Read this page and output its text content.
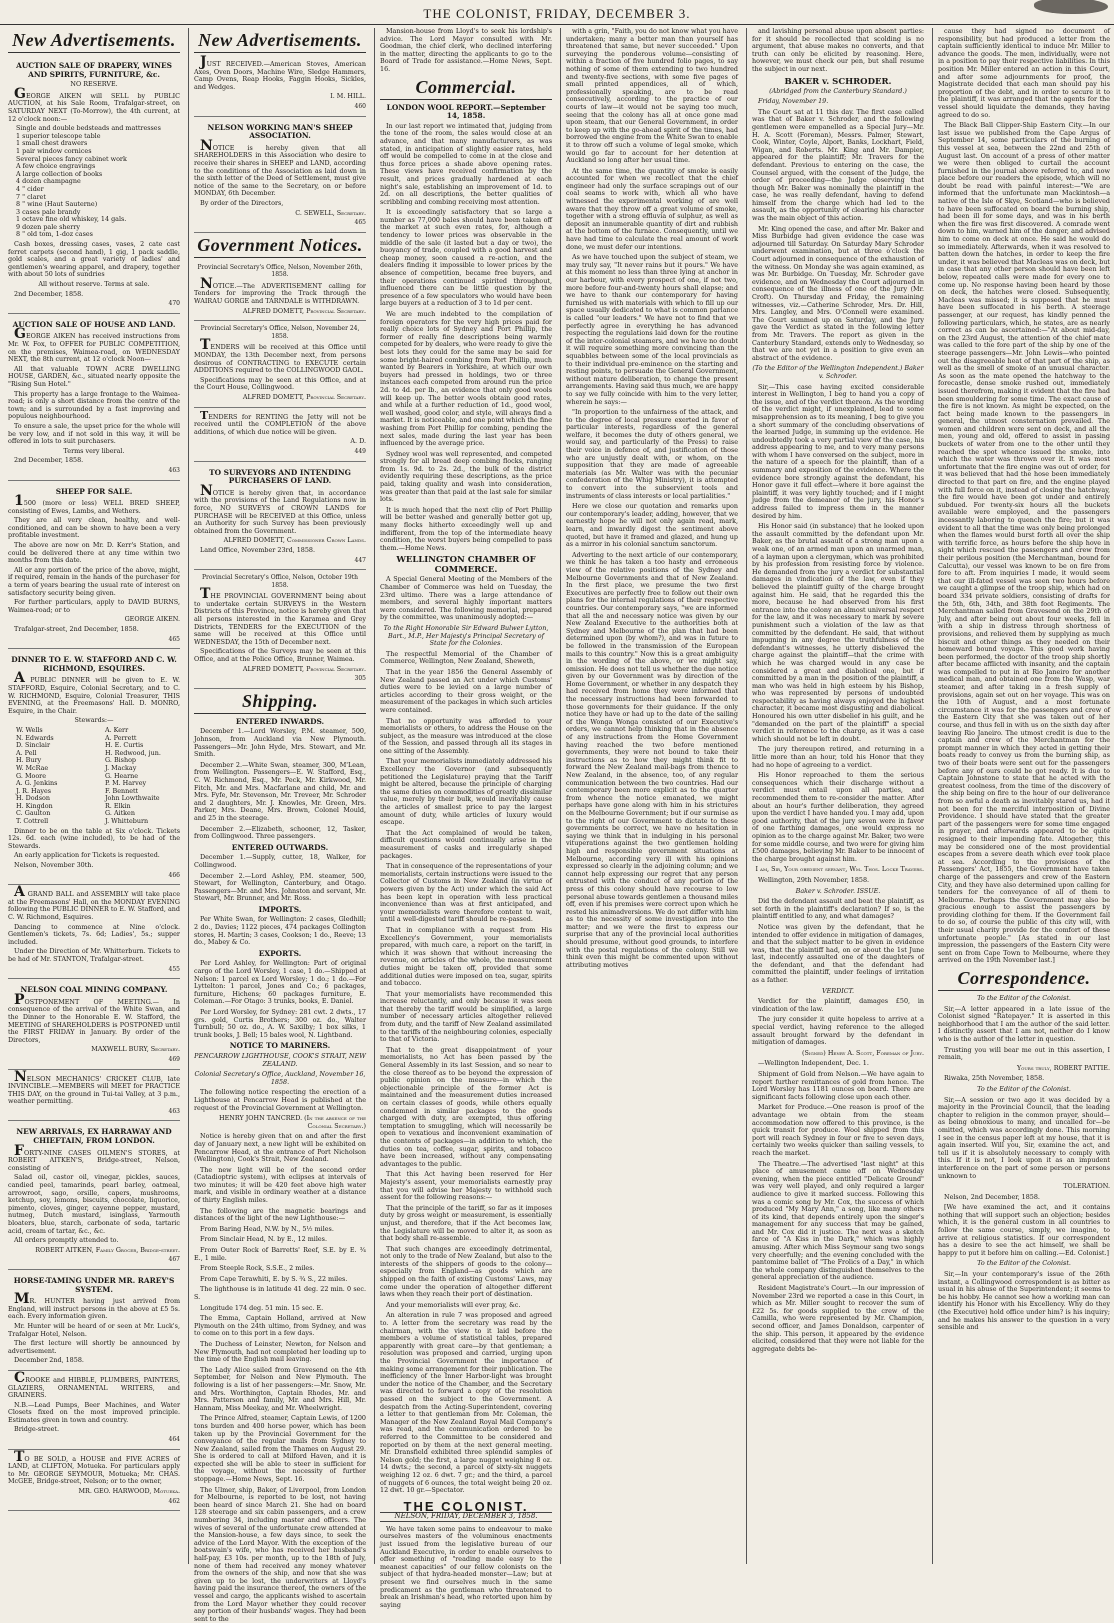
THE COLONIST, FRIDAY, DECEMBER 3.
New Advertisements.
AUCTION SALE OF DRAPERY, WINES AND SPIRITS, FURNITURE, &c.

NO RESERVE.

GEORGE AIKEN will SELL by PUBLIC AUCTION, at his Sale Room, Trafalgar-street, on SATURDAY NEXT (To-Morrow), the 4th current, at 12 o'clock noon:—

Single and double bedsteads and mattresses
1 superior telescope table
1 small chest drawers
1 pair window cornices
Several pieces fancy cabinet work
A few choice engravings
A large collection of books
4 dozen champagne
4 " cider
7 " claret
8 " wine (Haut Sauterne)
3 cases pale brandy
1 octave fine old whiskey, 14 gals.
9 dozen pale sherry
8 " old tom, 1-doz cases

Cash boxes, dressing cases, vases, 2 cate cast ferret carpets (second hand), 1 gig, 1 pack saddle, gold scales, and a great variety of ladies' and gentlemen's wearing apparel, and drapery, together with about 50 lots of sundries

All without reserve. Terms at sale.

2nd December, 1858.

470

AUCTION SALE OF HOUSE AND LAND.

GEORGE AIKEN has received instructions from Mr. W. Fox, to OFFER for PUBLIC COMPETITION, on the premises, Waimea-road, on WEDNESDAY NEXT, the 8th current, at 12 o'clock Noon—

All that valuable TOWN ACRE DWELLING HOUSE, GARDEN, &c., situated nearly opposite the "Rising Sun Hotel."

This property has a large frontage to the Waimea-road; is only a short distance from the centre of the town; and is surrounded by a fast improving and populous neighbourhood.

To ensure a sale, the upset price for the whole will be very low, and if not sold in this way, it will be offered in lots to suit purchasers.

Terms very liberal.

2nd December, 1858.

463

SHEEP FOR SALE.

1500 (more or less) WELL BRED SHEEP, consisting of Ewes, Lambs, and Wethers.

They are all very clean, healthy, and well-conditioned, and can be shown to have been a very profitable investment.

The above are now on Mr. D. Kerr's Station, and could be delivered there at any time within two months from this date.

All or any portion of the price of the above, might, if required, remain in the hands of the purchaser for a term of years bearing the usual rate of interest on satisfactory security being given.

For further particulars, apply to DAVID BURNS, Waimea-road; or to

GEORGE AIKEN.

Trafalgar-street, 2nd December, 1858.

465

DINNER TO E. W. STAFFORD AND C. W. RICHMOND, ESQUIRES.

A PUBLIC DINNER will be given to E. W. STAFFORD, Esquire, Colonial Secretary, and to C. W. RICHMOND, Esquire, Colonial Treasurer, THIS EVENING, at the Freemasons' Hall. D. MONRO, Esquire, in the Chair.

Stewards:—

W. Wells
N. Edwards
D. Sinclair
A. Pell
H. Bury
W. McRae
G. Moore
A. G. Jenkins
J. R. Hayes
H. Dodson
H. Kingdon
C. Gaulton
T. Cottrell
A. Kerr
A. Perrett
H. E. Curtis
H. Redwood, jun.
G. Bishop
J. Mackay
G. Hearne
P. M. Harvey
F. Bennett
John Lowthwaite
R. Elkin
G. Aitken
J. Whitteburn

Dinner to be on the table at Six o'clock. Tickets 12s. 6d. each (wine included), to be had of the Stewards.

An early application for Tickets is requested.

Nelson, November 30th.

466

A GRAND BALL and ASSEMBLY will take place at the Freemasons' Hall, on the MONDAY EVENING following the PUBLIC DINNER to E. W. Stafford, and C. W. Richmond, Esquires.

Dancing to commence at Nine o'clock. Gentlemen's tickets, 7s. 6d; Ladies', 5s.; supper included.

Under the Direction of Mr. Whitterburn. Tickets to be had of Mr. STANTON, Trafalgar-street.

455

NELSON COAL MINING COMPANY.

POSTPONEMENT OF MEETING.— In consequence of the arrival of the White Swan, and the Dinner to the Honorable E. W. Stafford, the MEETING of SHAREHOLDERS is POSTPONED until the FIRST FRIDAY in January. By order of the Directors,

MAXWELL BURY, Secretary.

469

NELSON MECHANICS' CRICKET CLUB, late INVINCIBLE.—MEMBERS will MEET for PRACTICE THIS DAY, on the ground in Tui-tai Valley, at 3 p.m., weather permitting.

463

NEW ARRIVALS, EX HARRAWAY AND CHIEFTAIN, FROM LONDON.

FORTY-NINE CASES OILMEN'S STORES, at ROBERT AITKEN'S, Bridge-street, Nelson, consisting of

Salad oil, castor oil, vinegar, pickles, sauces, candied peel, tamarinds, pearl barley, oatmeal, arrowroot, sago, orsille, capers, mushrooms, ketchup, soy, lemons, biscuits, chocolate, liquorice, pimento, cloves, ginger, cayenne pepper, mustard, nutmeg, Dutch mustard, isinglass, Yarmouth bloaters, blue, starch, carbonate of soda, tartaric acid, cream of tartar, &c., &c.

All orders promptly attended to.

ROBERT AITKEN, Family Grocer, Bridge-street.

467

HORSE-TAMING UNDER MR. RAREY'S SYSTEM.

MR. HUNTER having just arrived from England, will instruct persons in the above at £5 5s. each. Every information given.

Mr. Hunter will be heard of or seen at Mr. Luck's, Trafalgar Hotel, Nelson.

The first lecture will shortly be announced by advertisement.

December 2nd, 1858.

CROOKE and HIBBLE, PLUMBERS, PAINTERS, GLAZIERS, ORNAMENTAL WRITERS, and GRAINERS.

N.B.—Lead Pumps, Beer Machines, and Water Closets fixed on the most improved principle. Estimates given in town and country.

Bridge-street.

464

TO BE SOLD, a HOUSE and FIVE ACRES of LAND, at CLIFTON, Motueka. For particulars apply to Mr. GEORGE SEYMOUR, Motueka; Mr. CHAS. McGEE, Bridge-street, Nelson; or to the owner,

MR. GEO. HARWOOD, Motueka.

462

New Advertisements.

JUST RECEIVED.—American Stoves, American Axes, Oven Doors, Machine Wire, Sledge Hammers, Camp Ovens, Reap Hooks, Faggin Hooks, Sickles, and Wedges.

I. M. HILL.

460

NELSON WORKING MAN'S SHEEP ASSOCIATION.

NOTICE is hereby given that all SHAREHOLDERS in this Association who desire to receive their shares in SHEEP and LAND, according to the conditions of the Association as laid down in the sixth letter of the Deed of Settlement, must give notice of the same to the Secretary, on or before MONDAY, 6th December.

By order of the Directors,

C. SEWELL, Secretary.

465

Government Notices.

Provincial Secretary's Office, Nelson, November 26th, 1858.

NOTICE.—The ADVERTISEMENT calling for Tenders for improving the Track through the WAIRAU GORGE and TARNDALE is WITHDRAWN.

ALFRED DOMETT, Provincial Secretary.

Provincial Secretary's Office, Nelson, November 24, 1858.

TENDERS will be received at this Office until MONDAY, the 13th December next, from persons desirous of CONTRACTING to EXECUTE certain ADDITIONS required to the COLLINGWOOD GAOL.

Specifications may be seen at this Office, and at the Court House, Collingwood.

ALFRED DOMETT, Provincial Secretary.

TENDERS for RENTING the Jetty will not be received until the COMPLETION of the above additions, of which due notice will be given.

A. D.

449

TO SURVEYORS AND INTENDING PURCHASERS OF LAND.

NOTICE is hereby given that, in accordance with the provisions of the Land Regulations now in force, NO SURVEYS of CROWN LANDS for PURCHASE will be RECEIVED at this Office, unless an Authority for such Survey has been previously obtained from the Government.

ALFRED DOMETT, Commissioner Crown Lands.

Land Office, November 23rd, 1858.

447

Provincial Secretary's Office, Nelson, October 19th 1858.

THE PROVINCIAL GOVERNMENT being about to undertake certain SURVEYS in the Western Districts of this Province, notice is hereby given that all persons interested in the Karamea and Grey Districts, TENDERS for the EXECUTION of the same will be received at this Office until WEDNESDAY, the 15th of December next.

Specifications of the Surveys may be seen at this Office, and at the Police Office, Brunner, Waimea.

ALFRED DOMETT, Provincial Secretary.

305

Shipping.
ENTERED INWARDS.

December 1.—Lord Worsley, P.M. steamer, 500, Johnson, from Auckland via New Plymouth. Passengers—Mr. John Hyde, Mrs. Stewart, and Mr. Smith.

December 2.—White Swan, steamer, 300, M'Lean, from Wellington. Passengers—E. W. Stafford, Esq., C. W. Richmond, Esq., Mr. Peck, Mr. Kirkwood, Mr. Fitch, Mr. and Mrs. Macfarlane and child, Mr. and Mrs. Fyfe, Mr. Stevenson, Mr. Treveer, Mr. Schroder and 2 daughters, Mr. J. Knowles, Mr. Green, Mrs. Parker, Mrs. Deane, Mrs. Brown, Colonel Mould, and 25 in the steerage.

December 2.—Elizabeth, schooner, 12, Tasker, from Collingwood. Three passengers.

ENTERED OUTWARDS.

December 1.—Supply, cutter, 18, Walker, for Collingwood.

December 2.—Lord Ashley, P.M. steamer, 500, Stewart, for Wellington, Canterbury, and Otago. Passengers—Mr. and Mrs. Johnston and servant, Mr. Stewart, Mr. Brunner, and Mr. Ross.

IMPORTS.

Per White Swan, for Wellington: 2 cases, Gledhill; 2 do., Davies; 1122 pieces, 474 packages Collington stores, H. Martin; 3 cases, Cookson; 1 do., Reeve; 13 do., Mabey & Co.

EXPORTS.

Per Lord Ashley, for Wellington: Part of original cargo of the Lord Worsley, 1 case, 1 do.—Shipped at Nelson: 1 parcel ex Lord Worsley; 1 do.; 1 do.—For Lyttelton: 1 parcel, Jones and Co.; 6 packages, furniture, Hichens; 60 packages furniture, E. Coleman.—For Otago: 3 trunks, books, E. Daniel.

Per Lord Worsley, for Sydney: 281 cwt. 2 dwts., 17 grs. gold, Curtis Brothers; 300 oz. do., Walter Turnbull; 50 oz. do., A. W. Saxilby; 1 box silks, 1 trunk books, J. Bell; 15 bales wool, N. Lightband.

NOTICE TO MARINERS.

PENCARROW LIGHTHOUSE, COOK'S STRAIT, NEW ZEALAND.

Colonial Secretary's Office, Auckland, November 16, 1858.

The following notice respecting the erection of a Lighthouse at Pencarrow Head is published at the request of the Provincial Government at Wellington.

HENRY JOHN TANCRED. (In the absence of the Colonial Secretary.)

Notice is hereby given that on and after the first day of January next, a new light will be exhibited on Pencarrow Head, at the entrance of Port Nicholson (Wellington), Cook's Strait, New Zealand.

The new light will be of the second order (Catadioptric system), with eclipses at intervals of two minutes; it will be 420 feet above high water mark, and visible in ordinary weather at a distance of thirty English miles.

The following are the magnetic bearings and distances of the light of the new Lighthouse:—

From Baring Head, N.W. by N., 5½ miles.

From Sinclair Head, N. by E., 12 miles.

From Outer Rock of Barretts' Reef, S.E. by E. ¾ E., 1 mile.

From Steeple Rock, S.S.E., 2 miles.

From Cape Terawhiti, E. by S. ¾ S., 22 miles.

The lighthouse is in latitude 41 deg. 22 min. 0 sec. S.

Longitude 174 deg. 51 min. 15 sec. E.

The Emma, Captain Holland, arrived at New Plymouth on the 24th ultimo, from Sydney, and was to come on to this port in a few days.

The Duchess of Leinster, Newton, for Nelson and New Plymouth, had not completed her loading up to the time of the English mail leaving.

The Lady Alice sailed from Gravesend on the 4th September, for Nelson and New Plymouth. The following is a list of her passengers:—Mr. Snow, Mr. and Mrs. Worthington, Captain Rhodes, Mr. and Mrs. Patterson and family, Mr. and Mrs. Hill, Mr. Hannam, Miss Meekay, and Mr. Wheelwright.

The Prince Alfred, steamer, Captain Lewis, of 1200 tons burden and 400 horse power, which has been taken up by the Provincial Government for the conveyance of the regular mails from Sydney to New Zealand, sailed from the Thames on August 29. She is ordered to call at Milford Haven, and it is expected she will be able to steer in sufficient for the voyage, without the necessity of further stoppage.—Home News, Sept. 16.

The Ulmer, ship, Baker, of Liverpool, from London for Melbourne, is reported to be lost, not having been heard of since March 21. She had on board 128 steerage and six cabin passengers, and a crew numbering 34, including master and officers. The wives of several of the unfortunate crew attended at the Mansion-house, a few days since, to seek the advice of the Lord Mayor. With the exception of the boatswain's wife, who has received her husband's half-pay, £3 10s. per month, up to the 18th of July, none of them had received any money whatever from the owners of the ship, and now that she was given up to be lost, the underwriters at Lloyd's having paid the insurance thereof, the owners of the vessel and cargo, the applicants wished to ascertain from the Lord Mayor whether they could recover any portion of their husbands' wages. They had been sent to the

Mansion-house from Lloyd's to seek his lordship's advice. The Lord Mayor consulted with Mr. Goodman, the chief clerk, who declined interfering in the matter, directing the applicants to go to the Board of Trade for assistance.—Home News, Sept. 16.

Commercial.
LONDON WOOL REPORT.—September 14, 1858.

In our last report we intimated that, judging from the tone of the room, the sales would close at an advance, and that many manufacturers, as was stated, in anticipation of slightly easier rates, held off would be compelled to come in at the close and thus force prices a shade above opening rates. These views have received confirmation by the result, and prices gradually hardened at each night's sale, establishing an improvement of 1d. to 2d. on all descriptions, the better qualities of scribbling and combing receiving most attention.

It is exceedingly satisfactory that so large a number as 77,000 bales should have been taken off the market at such even rates, for, although a tendency to lower prices was observable in the middle of the sale (it lasted but a day or two), the buoyancy of trade, coupled with a good harvest and cheap money, soon caused a re-action, and the dealers finding it impossible to lower prices by the absence of competition, became free buyers, and their operations continued spirited throughout, influenced there can be little question by the presence of a few speculators who would have been large buyers at a reduction of 3 to 1d per cent.

We are much indebted to the compilation of foreign operators for the very high prices paid for really choice lots of Sydney and Port Phillip, the former of really fine descriptions being warmly competed for by dealers, who were ready to give the best lots they could for the same may be said for some bright-haired combing from Port Phillip, much wanted by Bearers in Yorkshire, at which our own buyers had pressed in holdings, two or three instances each competed from around run the price 2d. to 4d. per lb., an evidence that only good wools will keep up. The better wools obtain good rates, and while at a further reduction of 1d., good wool, well washed, good color, and style, will always find a market. It is noticeable, and one point which the fine washing from Port Phillip for combing, pending the next sales, made during the last year has been influenced by the average price.

Sydney wool was well represented, and competed strongly for all bread deep combing flocks, ranging from 1s. 9d. to 2s. 2d., the bulk of the district evidently requiring these descriptions, as the price paid, taking quality and wash into consideration, was greater than that paid at the last sale for similar lots.

It is much hoped that the next clip of Port Phillip will be better washed and generally better got up, many flocks hitherto exceedingly well up and indifferent, from the top of the intermediate heavy condition, the worst buyers being compelled to pass them.—Home News.

WELLINGTON CHAMBER OF COMMERCE.

A Special General Meeting of the Members of the Chamber of Commerce was held on Tuesday, the 23rd ultimo. There was a large attendance of members, and several highly important matters were considered. The following memorial, prepared by the committee, was unanimously adopted:—

To the Right Honorable Sir Edward Bulwer Lytton, Bart., M.P., Her Majesty's Principal Secretary of State for the Colonies.

The respectful Memorial of the Chamber of Commerce, Wellington, New Zealand, Sheweth,

That in the year 1856 the General Assembly of New Zealand passed an Act under which Customs' duties were to be levied on a large number of articles according to their gross weight, or the measurement of the packages in which such articles were contained.

That no opportunity was afforded to your memorialists or others, to address the House on the subject, as the measure was introduced at the close of the Session, and passed through all its stages in one sitting of the Assembly.

That your memorialists immediately addressed his Excellency the Governor (and subsequently petitioned the Legislature) praying that the Tariff might be altered, because the principle of charging the same duties on commodities of greatly dissimilar value, merely by their bulk, would inevitably cause the articles of smallest price to pay the largest amount of duty, while articles of luxury would escape.

That the Act complained of would be taken, difficult questions would continually arise in the measurement of casks and irregularly shaped packages.

That in consequence of the representations of your memorialists, certain instructions were issued to the Collector of Customs in New Zealand (in virtue of powers given by the Act) under which the said Act has been kept in operation with less practical inconvenience than was at first anticipated, and your memorialists were therefore content to wait, until a well-digested tariff should be re-passed.

That in compliance with a request from His Excellency's Government, your memorialists prepared, with much care, a report on the tariff, in which it was shown that without increasing the revenue, on articles of the whole, the measurement duties might be taken off, provided that some additional duties were imposed on tea, sugar, spirits and tobacco.

That your memorialists have recommended this increase reluctantly, and only because it was seen that thereby the tariff would be simplified, a large number of necessary articles altogether relieved from duty, and the tariff of New Zealand assimilated to the tariffs of the neighbouring colonies, especially to that of Victoria.

That to the great disappointment of your memorialists, no Act has been passed by the General Assembly in its last Session, and so near to the close thereof as to be beyond the expression of public opinion on the measure—in which the objectionable principle of the former Act is maintained and the measurement duties increased on certain classes of goods, while others equally condemned in similar packages to the goods charged with duty, are exempted, thus offering temptation to smuggling, which will necessarily be open to vexatious and inconvenient examination of the contents of packages—in addition to which, the duties on tea, coffee, sugar, spirits, and tobacco have been increased, without any compensating advantages to the public.

That this Act having been reserved for Her Majesty's assent, your memorialists earnestly pray that you will advise her Majesty to withhold such assent for the following reasons:—

That the principle of the tariff, so far as it imposes duty by gross weight or measurement, is essentially unjust, and therefore, that if the Act becomes law, the Legislature will be moved to alter it, as soon as that body shall re-assemble.

That such changes are exceedingly detrimental, not only to the trade of New Zealand, but also to the interests of the shippers of goods to the colony—especially from England—as goods which are shipped on the faith of existing Customs' Laws, may come under the operation of altogether different laws when they reach their port of destination.

And your memorialists will ever pray, &c.

An alteration in rule 7 was proposed and agreed to. A letter from the secretary was read by the chairman, with the view to it laid before the members a volume of statistical tables, prepared apparently with great care—by that gentleman; a resolution was proposed and carried, urging upon the Provincial Government the importance of making some arrangement for their publication. The inefficiency of the Inner Harbor-light was brought under the notice of the Chamber, and the Secretary was directed to forward a copy of the resolution passed on the subject to the Government. A despatch from the Acting-Superintendent, covering a letter to that gentleman from Mr. Coleman, the Manager of the New Zealand Royal Mail Company's was read, and the communication ordered to be referred to the Committee to be considered and reported on by them at the next general meeting. Mr. Dransfield exhibited three splendid samples of Nelson gold; the first, a large nugget weighing 8 oz. 14 dwts.; the second, a parcel of sixty-six nuggets weighing 12 oz. 6 dwt. 7 gr.; and the third, a parcel of nuggets of 6 ounces, the total weight being 20 oz. 12 dwt. 10 gr.—Spectator.

THE COLONIST.
NELSON, FRIDAY, DECEMBER 3, 1858.

We have taken some pains to endeavour to make ourselves masters of the voluminous enactments just issued from the legislative bureau of our Auckland Executive, in order to enable ourselves to offer something of "reading made easy to the meanest capacities" of our fellow colonists on the subject of that hydra-headed monster—Law; but at present we find ourselves much in the same predicament as the gentleman who threatened to break an Irishman's head, who retorted upon him by saying

with a grin, "Faith, you do not know what you have undertaken; many a better man than yourself has threatened that same, but never succeeded." Upon surveying the ponderous volume—consisting of within a fraction of five hundred folio pages, to say nothing of some of them extending to two hundred and twenty-five sections, with some five pages of small printed appendices, all of which, professionally speaking, are to be read consecutively, according to the practice of our courts of law—it would not be saying too much, seeing that the colony has all at once gone mad upon steam, that our General Government, in order to keep up with the go-ahead spirit of the times, had borrowed the engine from the White Swan to enable it to throw off such a volume of legal smoke, which would go far to account for her detention at Auckland so long after her usual time.

At the same time, the quantity of smoke is easily accounted for when we recollect that the chief engineer had only the surface scrapings out of our coal seams to work with, which all who have witnessed the experimental working of are well aware that they throw off a great volume of smoke, together with a strong effluvia of sulphur, as well as deposit an innumerable quantity of dirt and rubbish at the bottom of the furnace. Consequently, until we have had time to calculate the real amount of work done, we must defer our intentions.

As we have touched upon the subject of steam, we may truly say, "It never rains but it pours." We have at this moment no less than three lying at anchor in our harbour, with every prospect of one, if not two, more before four-and-twenty hours shall elapse; and we have to thank our contemporary for having furnished us with materials with which to fill up our space usually dedicated to what is common parlance is called "our leaders." We have not to find that we perfectly agree in everything he has advanced respecting the regulations laid down for the routine of the inter-colonial steamers, and we have no doubt it will require something more convincing than the squabbles between some of the local provincials as to their individual pre-eminence on the starting and resting points, to persuade the General Government, without mature deliberation, to change the present arrangements. Having said thus much, we are happy to say we fully coincide with him to the very letter, wherein he says:—

"In proportion to the unfairness of the attack, and to the degree of local pressure exerted in favor of particular interests, regardless of the general welfare, it becomes the duty of others general, we would say, and particularly of the Press) to raise their voice in defence of, and justification of those who are unjustly dealt with, or whom, on the supposition that they are made of agreeable materials (as Mr. Walter was with the pecuniar confederation of the Whig Ministry), it is attempted to convert into the subservient tools and instruments of class interests or local partialities."

Here we close our quotation and remarks upon our contemporary's leader, adding, however, that we earnestly hope he will not only again read, mark, learn, and inwardly digest the sentiment above quoted, but have it framed and glazed, and hung up as a mirror in his colonial sanctum sanctorum.

Adverting to the next article of our contemporary, we think he has taken a too hasty and erroneous view of the relative positions of the Sydney and Melbourne Governments and that of New Zealand. In the first place, we presume the two first Executives are perfectly free to follow out their own plans for the internal regulations of their respective countries. Our contemporary says, "we are informed that all the and necessary notice was given by our New Zealand Executive to the authorities both at Sydney and Melbourne of the plan that had been determined upon (by whom?), and was in future to be followed in the transmission of the European mails to this country." Now this is a great ambiguity in the wording of the above, or we might say, omission. He does not tell us whether the due notice given by our Government was by direction of the Home Government, or whether in any despatch they had received from home they were informed that the necessary instructions had been forwarded to those governments for their guidance. If the only notice they have or had up to the date of the sailing of the Wonga Wonga consisted of our Executive's orders, we cannot help thinking that in the absence of any instructions from the Home Government having reached the two before mentioned governments, they were not bound to take their instructions as to how they might think fit to forward the New Zealand mail-bags from thence to New Zealand, in the absence, too, of any regular communication between the two countries. Had our contemporary been more explicit as to the quarter from whence the notice emanated, we might perhaps have gone along with him in his strictures on the Melbourne Government; but if our surmise as to the right of our Government to dictate to these governments be correct, we have no hesitation in saying we think that in indulging in his personal vituperations against the two gentlemen holding high and responsible government situations at Melbourne, according very ill with his opinions expressed so clearly in the adjoining column; and we cannot help expressing our regret that any person entrusted with the conduct of any portion of the press of this colony should have recourse to low personal abuse towards gentlemen a thousand miles off, even if his premises were correct upon which he rested his animadversions. We do not differ with him as to the necessity of some investigation into the matter; and we were the first to express our surprise that any of the provincial local authorities should presume, without good grounds, to interfere with the postal regulations of the colony. Still we think even this might be commented upon without attributing motives

and lavishing personal abuse upon absent parties: for it should be recollected that scolding is no argument, that abuse makes no converts, and that truth can only be elicited by reasoning. Here, however, we must check our pen, but shall resume the subject in our next.

BAKER v. SCHRODER.

(Abridged from the Canterbury Standard.)

Friday, November 19.

The Court sat at 11 this day. The first case called was that of Baker v. Schroder, and the following gentlemen were empanelled as a Special Jury—Mr. H. A. Scott (Foreman), Messrs. Palmer, Stewart, Cook, Winter, Coyle, Alport, Banks, Lockhart, Field, Wigan, and Roberts. Mr. King and Mr. Dampier, appeared for the plaintiff; Mr. Travers for the defendant. Previous to entering on the case, the Counsel argued, with the consent of the Judge, the order of proceeding—the Judge observing that though Mr. Baker was nominally the plaintiff in the case, he was really defendant, having to defend himself from the charge which had led to the assault, as the opportunity of clearing his character was the main object of this action.

Mr. King opened the case, and after Mr. Baker and Miss Burbidge had given evidence the case was adjourned till Saturday. On Saturday Mary Schroder underwent examination, but at three o'clock the Court adjourned in consequence of the exhaustion of the witness. On Monday she was again examined, as was Mr. Burbidge. On Tuesday, Mr. Schroder gave evidence, and on Wednesday the Court adjourned in consequence of the illness of one of the Jury (Mr. Croft). On Thursday and Friday, the remaining witnesses, viz.—Catherine Schroder, Mrs. Dr. Hill, Mrs. Langley, and Mrs. O'Connell were examined. The Court summed up on Saturday, and the Jury gave the Verdict as stated in the following letter from Mr. Travers. The report as given in the Canterbury Standard, extends only to Wednesday, so that we are not yet in a position to give even an abstract of the evidence.

(To the Editor of the Wellington Independent.) Baker v. Schroder.

Sir,—This case having excited considerable interest in Wellington, I beg to hand you a copy of the issue, and of the verdict thereon. As the wording of the verdict might, if unexplained, lead to some misapprehension as to its meaning, I beg to give you a short summary of the concluding observations of the learned Judge, in summing up the evidence. He undoubtedly took a very partial view of the case, his address appearing to me, and to very many persons with whom I have conversed on the subject, more in the nature of a speech for the plaintiff, than of a summary and exposition of the evidence. Where the evidence bore strongly against the defendant, his Honor gave it full effect—where it bore against the plaintiff, it was very lightly touched; and if I might judge from the demeanor of the jury, his Honor's address failed to impress them in the manner desired by him.

His Honor said (in substance) that he looked upon the assault committed by the defendant upon Mr. Baker, as the brutal assault of a strong man upon a weak one, of an armed man upon an unarmed man, of a layman upon a clergyman, which was prohibited by his profession from resisting force by violence. He demanded from the jury a verdict for substantial damages in vindication of the law, even if they believed the plaintiff guilty of the charge brought against him. He said, that he regarded this the more, because he had observed from his first entrance into the colony an almost universal respect for the law, and it was necessary to mark by severe punishment such a violation of the law as that committed by the defendant. He said, that without impugning in any degree the truthfulness of the defendant's witnesses, he utterly disbelieved the charge against the plaintiff—that the crime with which he was charged would in any case be considered a great and diabolical one, but if committed by a man in the position of the plaintiff, a man who was held in high esteem by his Bishop, who was represented by persons of undoubted respectability as having always enjoyed the highest character, it became most disgusting and diabolical. Honoured his own utter disbelief in his guilt, and he "demanded on the part of the plaintiff" a special verdict in reference to the charge, as it was a case which should not be left in doubt.

The jury thereupon retired, and returning in a little more than an hour, told his Honor that they had no hope of agreeing to a verdict.

His Honor reproached to them the serious consequences which their discharge without a verdict must entail upon all parties, and recommended them to re-consider the matter. After about an hour's further deliberation, they agreed upon the verdict I have handed you. I may add, upon good authority, that of the jury seven were in favor of one farthing damages, one would express no opinion as to the charge against Mr. Baker, two were for some middle course, and two were for giving him £500 damages, believing Mr. Baker to be innocent of the charge brought against him.

I am, Sir, Your obedient servant, Wm. Thos. Locke Travers.

Wellington, 29th November, 1858.

Baker v. Schroder. ISSUE.

Did the defendant assault and beat the plaintiff, as set forth in the plaintiff's declaration? If so, is the plaintiff entitled to any, and what damages?

Notice was given by the defendant, that he intended to offer evidence in mitigation of damages, and that the subject matter to be given in evidence was, that the plaintiff had, on or about the 1st June last, indecently assaulted one of the daughters of the defendant, and that the defendant had committed the plaintiff, under feelings of irritation as a father.

VERDICT.

Verdict for the plaintiff, damages £50, in vindication of the law.

The jury consider it quite hopeless to arrive at a special verdict, having reference to the alleged assault brought forward by the defendant in mitigation of damages.

(Signed) Henry A. Scott, Foreman of Jury.

—Wellington Independent, Dec. 1.

Shipment of Gold from Nelson.—We have again to report further remittances of gold from hence. The Lord Worsley has 1181 ounces on board. There are significant facts following close upon each other.

Market for Produce.—One reason is proof of the advantage we obtain from the steam accommodation now offered to this province, is the quick transit for produce. Wool shipped from this port will reach Sydney in four or five to seven days, certainly two weeks quicker than sailing vessels, to reach the market.

The Theatre.—The advertised "last night" at this place of amusement came off on Wednesday evening, when the piece entitled "Delicate Ground" was very well played, and only required a larger audience to give it marked success. Following this was a comic song by Mr. Cox, the success of which produced "My Mary Ann," a song, like many others of its kind, that depends entirely upon the singer's management for any success that may be gained, and Mr. Cox did it justice. The next was a sketch farce of "A Kiss in the Dark," which was highly amusing. After which Miss Seymour sang two songs very cheerfully; and the evening concluded with the pantomime ballet of "The Frolics of a Day," in which the whole company distinguished themselves to the general appreciation of the audience.

Resident Magistrate's Court.—In our impression of November 23rd we reported a case in this Court, in which as Mr. Miller sought to recover the sum of £22 5s. for goods supplied to the crew of the Camilla, who were represented by Mr. Champion, second officer, and James Donaldson, carpenter of the ship. This person, it appeared by the evidence elicited, considered that they were not liable for the aggregate debts be-

cause they had signed no document of responsibility, but had produced a letter from the captain sufficiently identical to induce Mr. Miller to advance the goods. The men, individually, were not in a position to pay their respective liabilities. In this position Mr. Miller entered an action in this Court, and after some adjournments for proof, the Magistrate decided that each man should pay his proportion of the debt, and in order to secure it to the plaintiff, it was arranged that the agents for the vessel should liquidate the demands, they having agreed to do so.

The Black Ball Clipper-Ship Eastern City.—In our last issue we published from the Cape Argus of September 14, some particulars of the burning of this vessel at sea, between the 22nd and 25th of August last. On account of a press of other matter we were then obliged to curtail the account furnished in the journal above referred to, and now place before our readers the episode, which will no doubt be read with painful interest:—"We are informed that the unfortunate man Mackintosh—a native of the Isle of Skye, Scotland—who is believed to have been suffocated on board the burning ship, had been ill for some days, and was in his berth when the fire was first discovered. A comrade went down to him, warned him of the danger, and advised him to come on deck at once. He said he would do so immediately. Afterwards, when it was resolved to batten down the hatches, in order to keep the fire under, it was believed that Macleas was on deck, but in case that any other person should have been left below, repeated calls were made for every one to come up. No response having been heard by those on deck, the hatches were closed. Subsequently, Macleas was missed; it is supposed that he must have been suffocated in his berth. A steerage passenger, at our request, has kindly penned the following particulars, which, he states, are as nearly correct as can be ascertained:—"At about mid-day, on the 23rd August, the attention of the chief mate was called to the fore part of the ship by one of the steerage passengers—Mr. John Lewis—who pointed out the disagreeable heat of that part of the ship, as well as the smell of smoke of an unusual character. As soon as the mate opened the hatchway to the forecastle, dense smoke rushed out, immediately issued therefrom, making it evident that the fire had been smouldering for some time. The exact cause of the fire is not known. As might be expected, on the fact being made known to the passengers in general, the utmost consternation prevailed. The women and children were sent on deck, and all the men, young and old, offered to assist in passing buckets of water from one to the other until they reached the spot whence issued the smoke, into which the water was thrown over it. It was most unfortunate that the fire engine was out of order, for it was believed that had the hose been immediately directed to that part on fire, and the engine played with full force on it, instead of closing the hatchway, the fire would have been got under and entirely subdued. For twenty-six hours all the buckets available were employed, and the passengers incessantly laboring to quench the fire; but it was evident to all that the time was only being prolonged when the flames would burst forth all over the ship with terrific force, as hours before the ship hove in sight which rescued the passengers and crew from their perilous position (the Merchantman, bound for Calcutta), our vessel was known to be on fire from fore to aft. From inquiries I made, it would seem that our ill-fated vessel was seen two hours before we caught a glimpse of the troop ship, which had on board 334 private soldiers, consisting of drafts for the 5th, 6th, 34th, and 38th foot Regiments. The Merchantman sailed from Gravesend on the 29th of July, and after being out about four weeks, fell in with a ship in distress through shortness of provisions, and relieved them by supplying as much biscuit and other things as they needed on their homeward bound voyage. This good work having been performed, the doctor of the troop ship shortly after became afflicted with insanity, and the captain was compelled to put in at Rio Janeiro for another medical man, and obtained one from the Wasp, war steamer, and after taking in a fresh supply of provisions, again set out on her voyage. This was on the 10th of August, and a most fortunate circumstance it was for the passengers and crew of the Eastern City that she was taken out of her course, and thus fell in with us on the sixth day after leaving Rio Janeiro. The utmost credit is due to the captain and crew of the Merchantman for the prompt manner in which they acted in getting their boats ready to convey us from the burning ship, as two of their boats were sent out for the passengers before any of ours could be got ready. It is due to Captain Johnstone to state that he acted with the greatest coolness, from the time of the discovery of the ship being on fire to the hour of our deliverance from so awful a death as inevitably stared us, had it not been for the merciful interposition of Divine Providence. I should have stated that the greater part of the passengers were for some time engaged in prayer, and afterwards appeared to be quite resigned to their impending fate. Altogether, this may be considered one of the most providential escapes from a severe death which ever took place at sea. According to the provisions of the Passengers' Act, 1855, the Government have taken charge of the passengers and crew of the Eastern City, and they have also determined upon calling for tenders for the conveyance of all of them to Melbourne. Perhaps the Government may also be gracious enough to assist the passengers by providing clothing for them. If the Government fail to do so, of course the public of this city will, with their usual charity provide for the comfort of these unfortunate people." [As stated in our last impression, the passengers of the Eastern City were sent on from Cape Town to Melbourne, where they arrived on the 19th November last.]

Correspondence.

To the Editor of the Colonist.

Sir,—A letter appeared in a late issue of the Colonist signed "Ratepayer." It is asserted in this neighborhood that I am the author of the said letter. I distinctly assert that I am not, neither do I know who is the author of the letter in question.

Trusting you will bear me out in this assertion, I remain,

Yours truly, ROBERT PATTIE.

Riwaka, 25th November, 1858.

To the Editor of the Colonist.

Sir,—A session or two ago it was decided by a majority in the Provincial Council, that the leading chapter to religion in the common prayer, should—as being obnoxious to many, and uncalled for—be omitted, which was accordingly done. This morning I see in the census paper left at my house, that it is again inserted. Will you, Sir, examine the act, and tell us if it is absolutely necessary to comply with this. If it is not, I look upon it as an impudent interference on the part of some person or persons unknown to

TOLERATION.

Nelson, 2nd December, 1858.

[We have examined the act, and it contains nothing that will support such an objection; besides which, it is the general custom in all countries to follow the same course, simply, we imagine, to arrive at religious statistics. If our correspondent has a desire to see the act himself, we shall be happy to put it before him on calling.—Ed. Colonist.]

To the Editor of the Colonist.

Sir,—In your contemporary's issue of the 26th instant, a Collingwood correspondent is as bitter as usual in his abuse of the Superintendent; it seems to be his hobby. He cannot see how a working man can identify his Honor with his Excellency. Why do they (the Executive) hold office under him? is his inquiry; and he makes his answer to the question in a very sensible and
